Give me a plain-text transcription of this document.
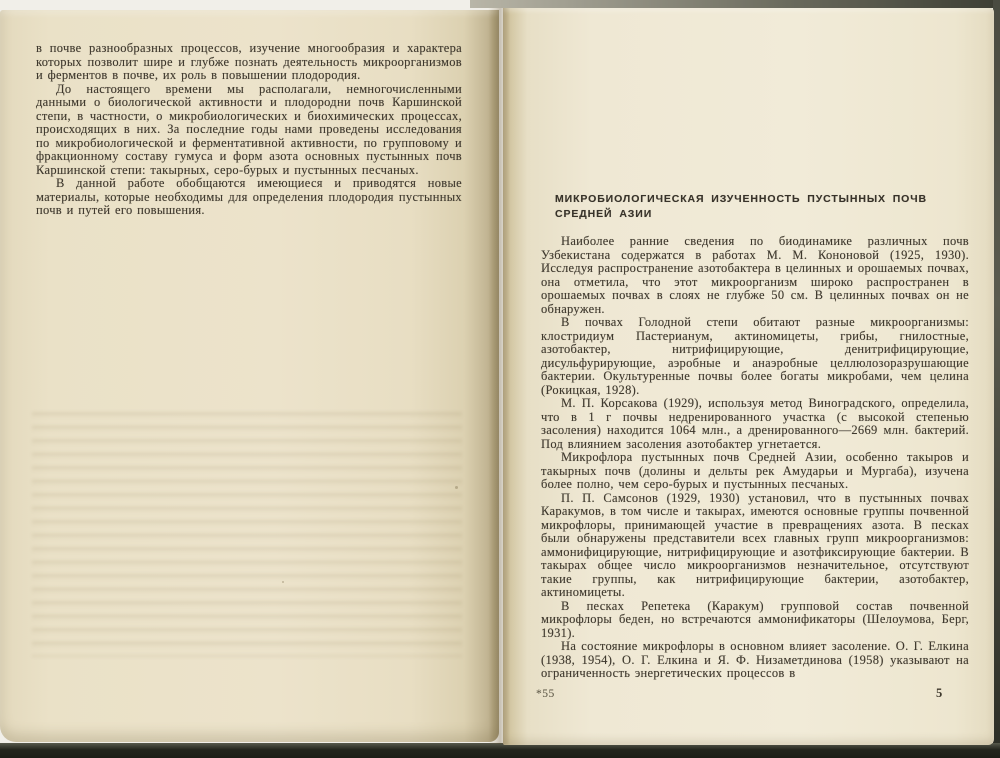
в почве разнообразных процессов, изучение многообразия и характера которых позволит шире и глубже познать деятельность микроорганизмов и ферментов в почве, их роль в повышении плодородия.

До настоящего времени мы располагали, немногочисленными данными о биологической активности и плодородни почв Каршинской степи, в частности, о микробиологических и биохимических процессах, происходящих в них. За последние годы нами проведены исследования по микробиологической и ферментативной активности, по групповому и фракционному составу гумуса и форм азота основных пустынных почв Каршинской степи: такырных, серо-бурых и пустынных песчаных.

В данной работе обобщаются имеющиеся и приводятся новые материалы, которые необходимы для определения плодородия пустынных почв и путей его повышения.

МИКРОБИОЛОГИЧЕСКАЯ ИЗУЧЕННОСТЬ ПУСТЫННЫХ ПОЧВ
СРЕДНЕЙ АЗИИ

Наиболее ранние сведения по биодинамике различных почв Узбекистана содержатся в работах М. М. Кононовой (1925, 1930). Исследуя распространение азотобактера в целинных и орошаемых почвах, она отметила, что этот микроорганизм широко распространен в орошаемых почвах в слоях не глубже 50 см. В целинных почвах он не обнаружен.

В почвах Голодной степи обитают разные микроорганизмы: клостридиум Пастерианум, актиномицеты, грибы, гнилостные, азотобактер, нитрифицирующие, денитрифицирующие, дисульфурирующие, аэробные и анаэробные целлюлозоразрушающие бактерии. Окультуренные почвы более богаты микробами, чем целина (Рокицкая, 1928).

М. П. Корсакова (1929), используя метод Виноградского, определила, что в 1 г почвы недренированного участка (с высокой степенью засоления) находится 1064 млн., а дренированного—2669 млн. бактерий. Под влиянием засоления азотобактер угнетается.

Микрофлора пустынных почв Средней Азии, особенно такыров и такырных почв (долины и дельты рек Амударьи и Мургаба), изучена более полно, чем серо-бурых и пустынных песчаных.

П. П. Самсонов (1929, 1930) установил, что в пустынных почвах Каракумов, в том числе и такырах, имеются основные группы почвенной микрофлоры, принимающей участие в превращениях азота. В песках были обнаружены представители всех главных групп микроорганизмов: аммонифицирующие, нитрифицирующие и азотфиксирующие бактерии. В такырах общее число микроорганизмов незначительное, отсутствуют такие группы, как нитрифицирующие бактерии, азотобактер, актиномицеты.

В песках Репетека (Каракум) групповой состав почвенной микрофлоры беден, но встречаются аммонификаторы (Шелоумова, Берг, 1931).

На состояние микрофлоры в основном влияет засоление. О. Г. Елкина (1938, 1954), О. Г. Елкина и Я. Ф. Низаметдинова (1958) указывают на ограниченность энергетических процессов в

*55	5
